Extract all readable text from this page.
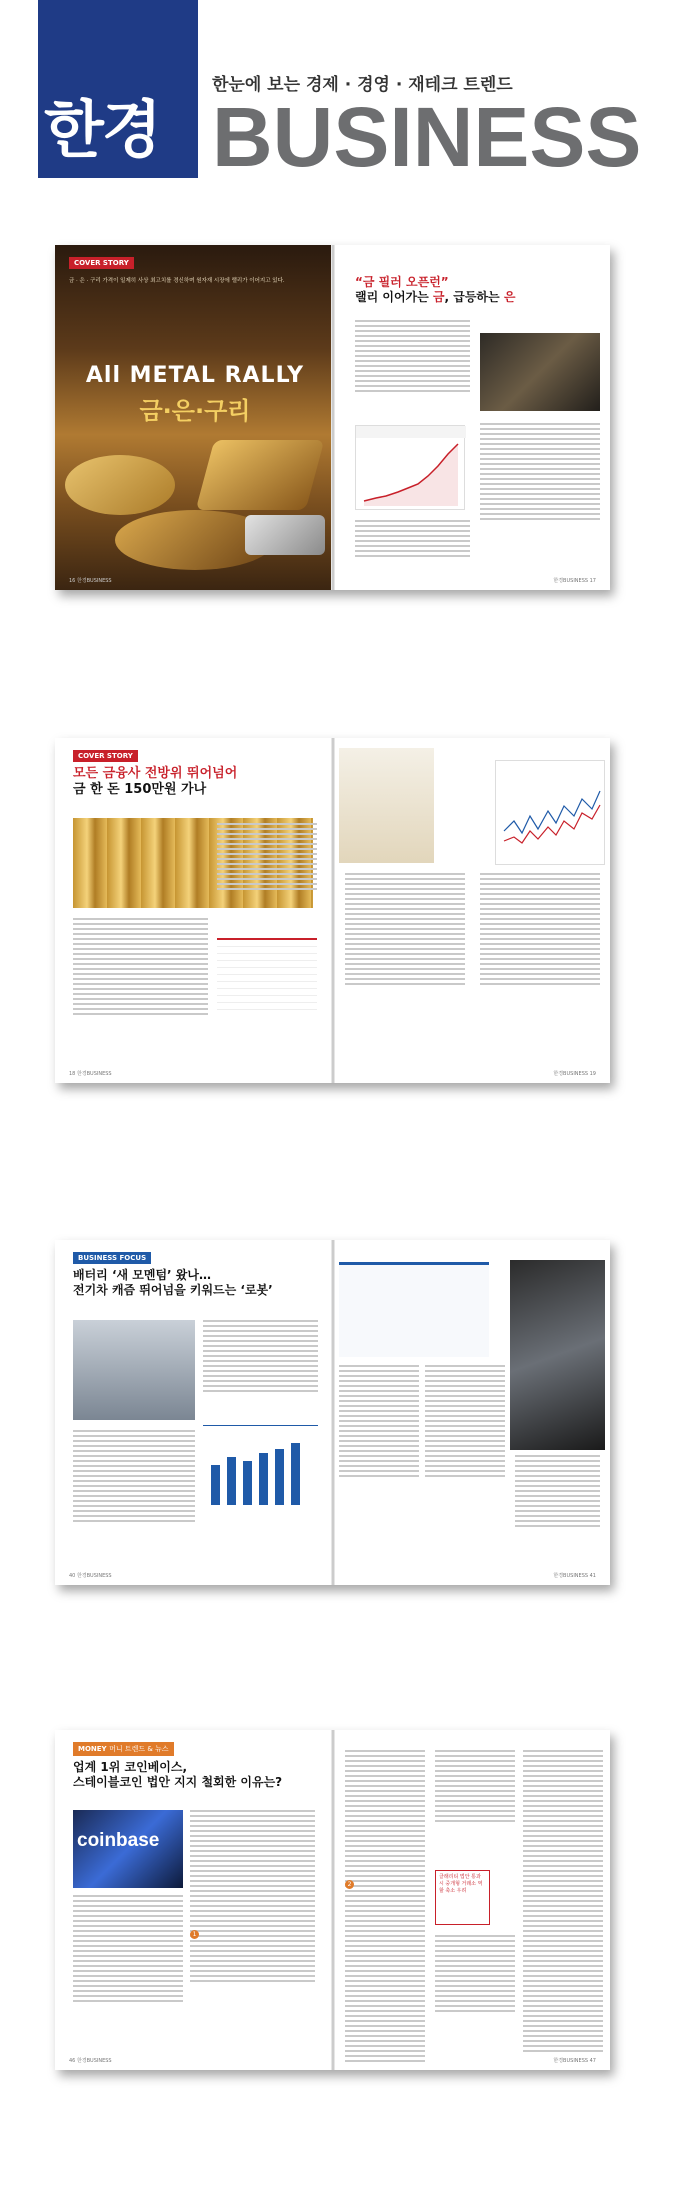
한경
한눈에 보는 경제 · 경영 · 재테크 트렌드
BUSINESS
COVER STORY
금 · 은 · 구리 가격이 일제히 사상 최고치를 경신하며 원자재 시장에 랠리가 이어지고 있다.
All METAL RALLY
금·은·구리
“금 필러 오픈런”
랠리 이어가는 금, 급등하는 은
16 한경BUSINESS	한경BUSINESS 17
COVER STORY
모든 금융사 전방위 뛰어넘어
금 한 돈 150만원 가나
18 한경BUSINESS	한경BUSINESS 19
BUSINESS FOCUS
배터리 ‘새 모멘텀’ 왔나…
전기차 캐즘 뛰어넘을 키워드는 ‘로봇’
40 한경BUSINESS	한경BUSINESS 41
MONEY 머니 트렌드 & 뉴스
업계 1위 코인베이스,
스테이블코인 법안 지지 철회한 이유는?
coinbase
1
2
클래리티 법안 통과 시 중개형 거래소 역할 축소 우려
46 한경BUSINESS	한경BUSINESS 47
